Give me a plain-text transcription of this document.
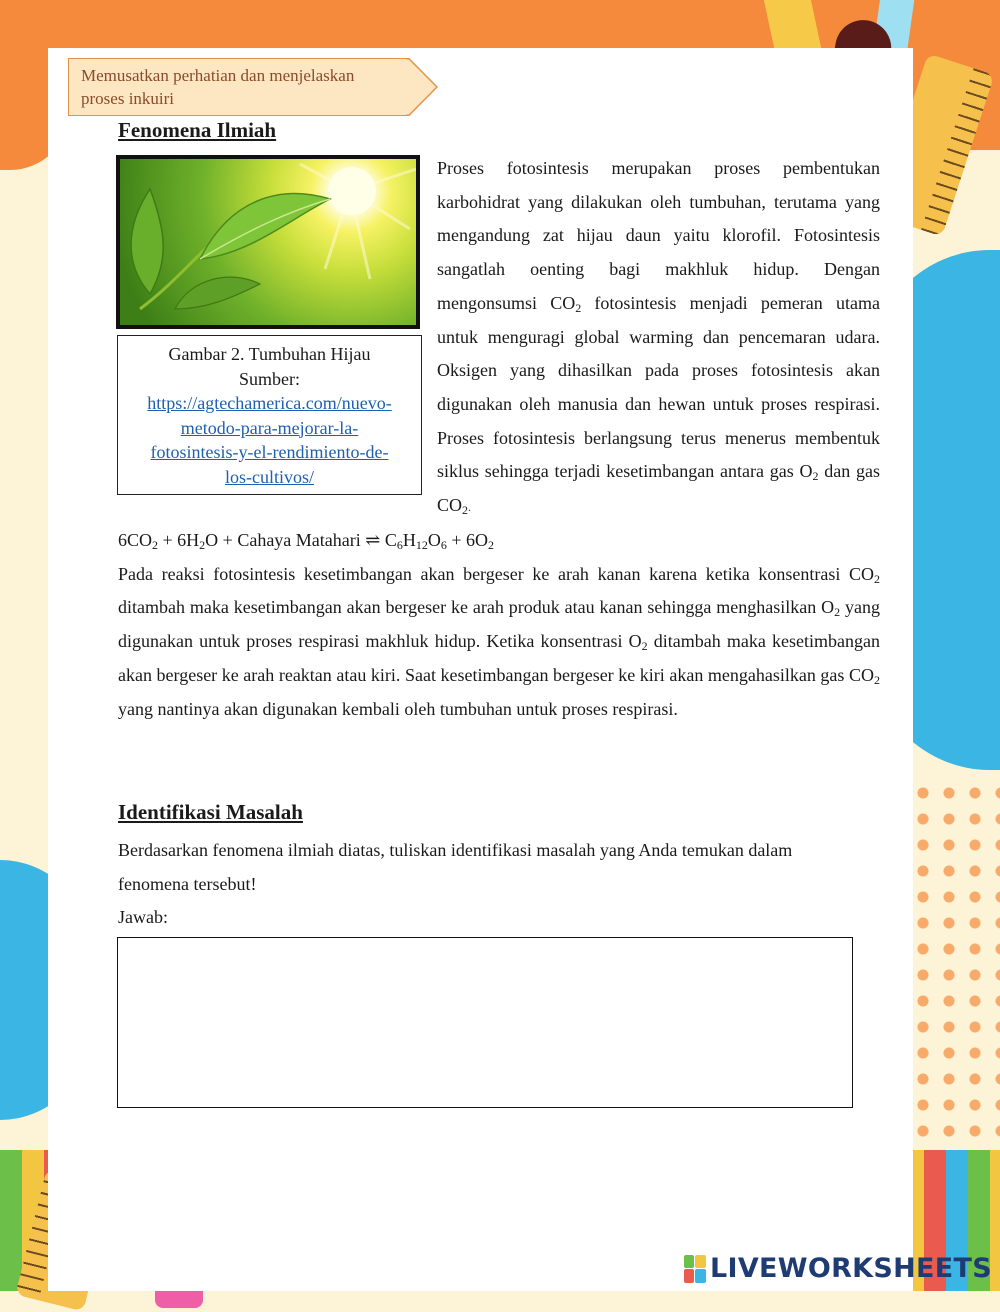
Memusatkan perhatian dan menjelaskan
proses inkuiri
Fenomena Ilmiah
Gambar 2. Tumbuhan Hijau
Sumber:
https://agtechamerica.com/nuevo-
metodo-para-mejorar-la-
fotosintesis-y-el-rendimiento-de-
los-cultivos/

Proses fotosintesis merupakan proses pembentukan karbohidrat yang dilakukan oleh tumbuhan, terutama yang mengandung zat hijau daun yaitu klorofil. Fotosintesis sangatlah oenting bagi makhluk hidup. Dengan mengonsumsi $CO_2$ fotosintesis menjadi pemeran utama untuk menguragi global warming dan pencemaran udara. Oksigen yang dihasilkan pada proses fotosintesis akan digunakan oleh manusia dan hewan untuk proses respirasi. Proses fotosintesis berlangsung terus menerus membentuk siklus sehingga terjadi kesetimbangan antara gas $O_2$ dan gas $CO_2$.

$6CO_2 + 6H_2O$ + Cahaya Matahari ⇌ $C_6H_{12}O_6 + 6O_2$

Pada reaksi fotosintesis kesetimbangan akan bergeser ke arah kanan karena ketika konsentrasi $CO_2$ ditambah maka kesetimbangan akan bergeser ke arah produk atau kanan sehingga menghasilkan $O_2$ yang digunakan untuk proses respirasi makhluk hidup. Ketika konsentrasi $O_2$ ditambah maka kesetimbangan akan bergeser ke arah reaktan atau kiri. Saat kesetimbangan bergeser ke kiri akan mengahasilkan gas $CO_2$ yang nantinya akan digunakan kembali oleh tumbuhan untuk proses respirasi.

Identifikasi Masalah

Berdasarkan fenomena ilmiah diatas, tuliskan identifikasi masalah yang Anda temukan dalam fenomena tersebut!

Jawab:

LIVEWORKSHEETS
